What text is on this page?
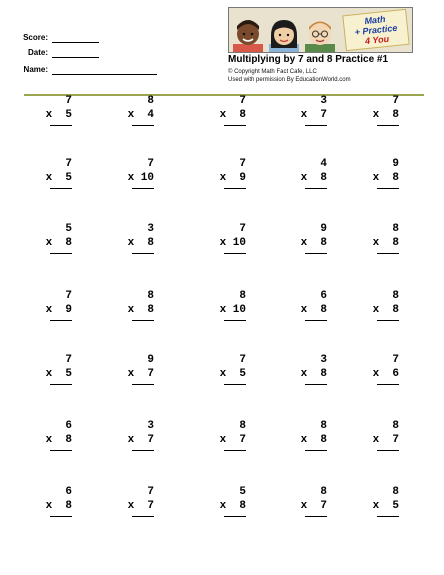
Score:
Date:
Name:
Math
+ Practice
4 You
Multiplying by 7 and 8 Practice #1
© Copyright Math Fact Cafe, LLC
Used with permission By EducationWorld.com
7
x  5
8
x  4
7
x  8
3
x  7
7
x  8
7
x  5
7
x 10
7
x  9
4
x  8
9
x  8
5
x  8
3
x  8
7
x 10
9
x  8
8
x  8
7
x  9
8
x  8
8
x 10
6
x  8
8
x  8
7
x  5
9
x  7
7
x  5
3
x  8
7
x  6
6
x  8
3
x  7
8
x  7
8
x  8
8
x  7
6
x  8
7
x  7
5
x  8
8
x  7
8
x  5
